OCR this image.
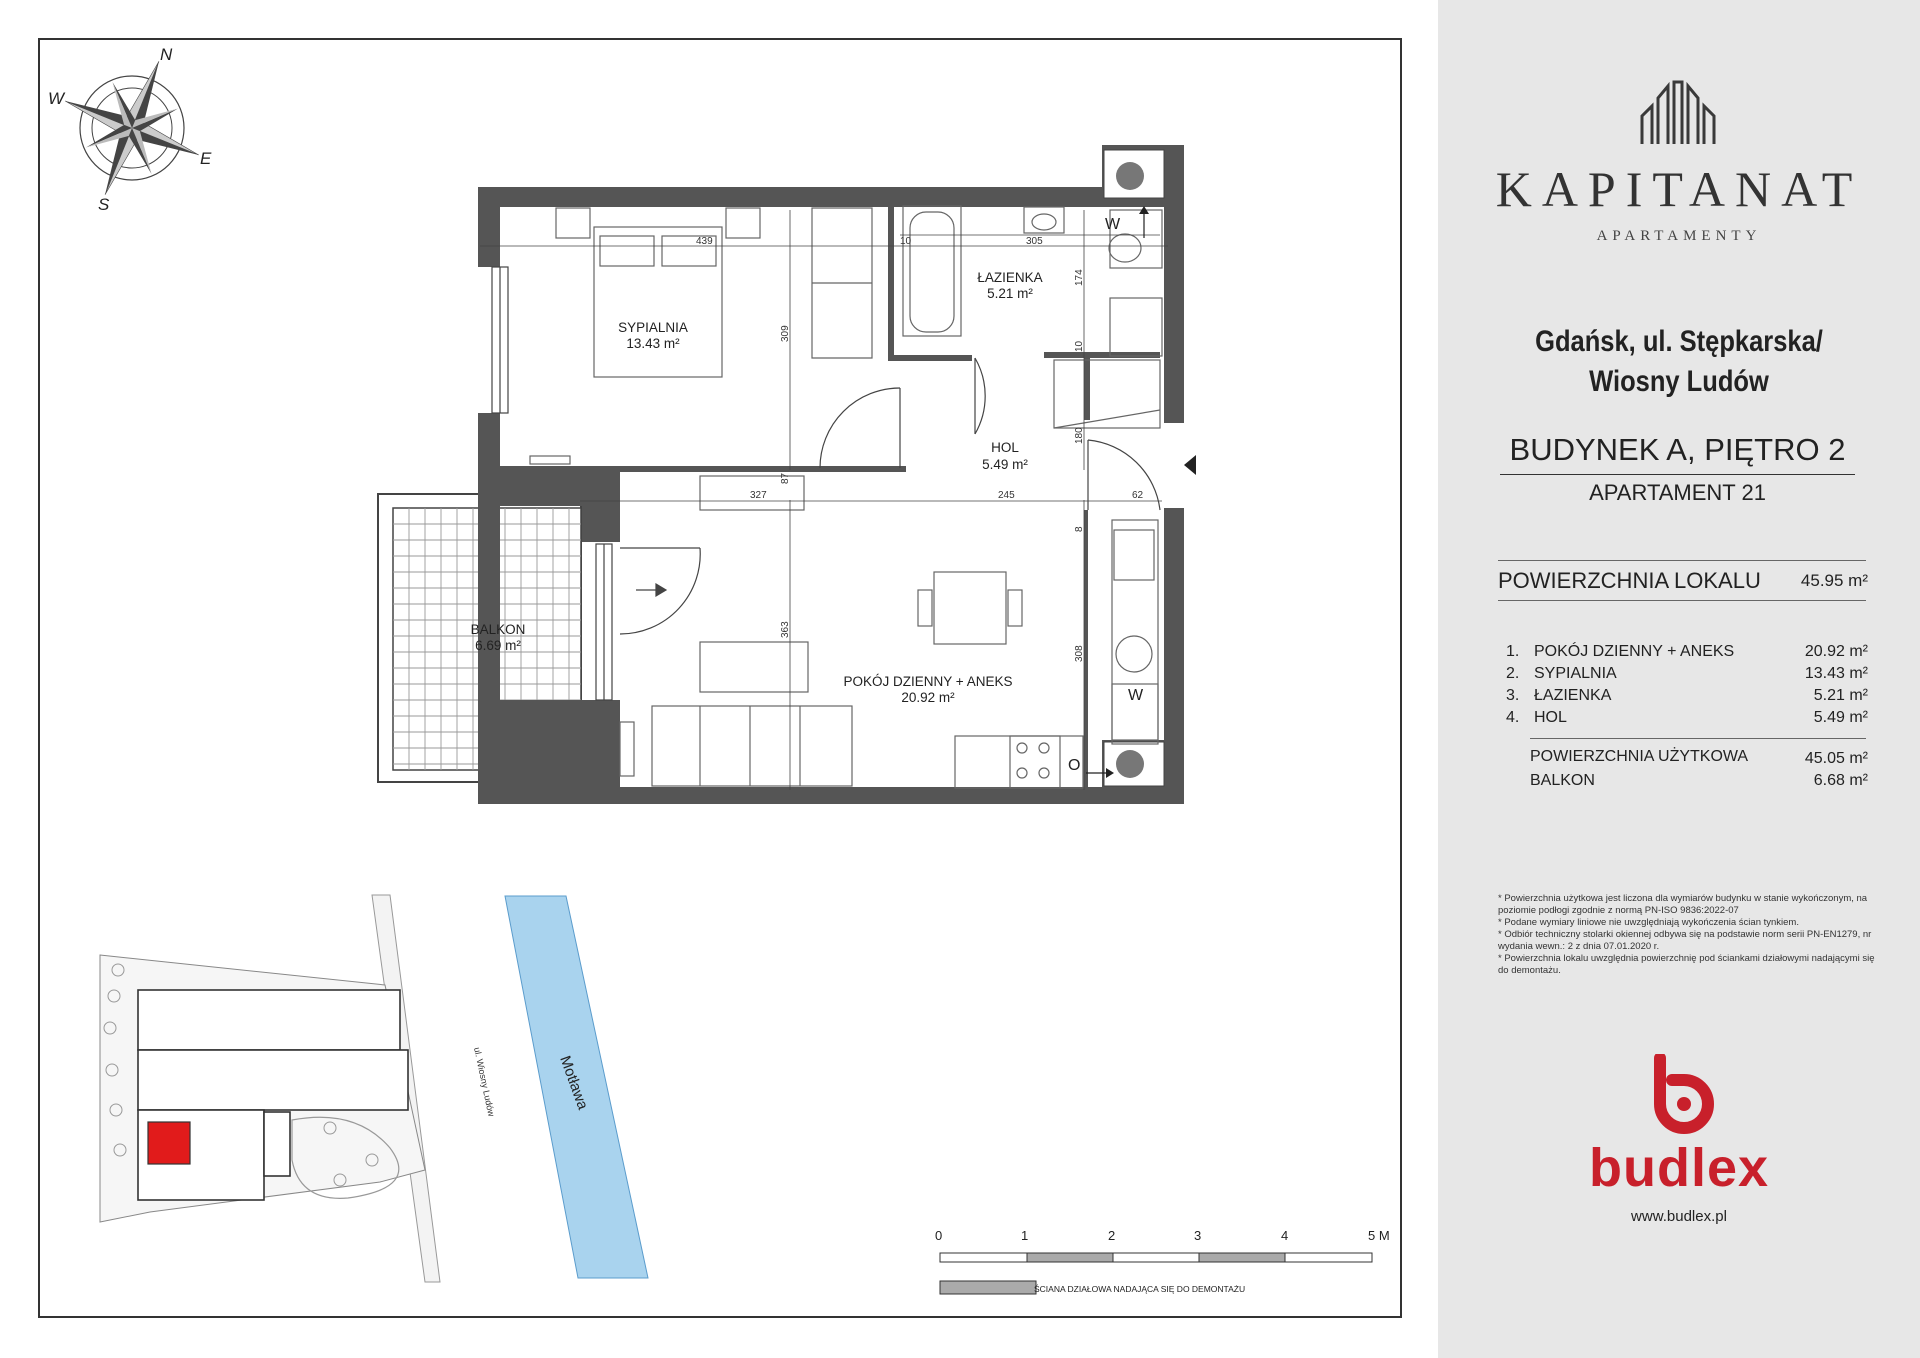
N
E
S
W
439
309
10	305
174
10
180
327	245	62
8
363
308
87
SYPIALNIA
13.43 m²
ŁAZIENKA
5.21 m²
HOL
5.49 m²
POKÓJ DZIENNY + ANEKS
20.92 m²
BALKON
6.69 m²
W
W
O
Motława
ul. Wiosny Ludów
0	1	2	3	4	5 M
ŚCIANA DZIAŁOWA NADAJĄCA SIĘ DO DEMONTAŻU
KAPITANAT
APARTAMENTY
Gdańsk, ul. Stępkarska/ Wiosny Ludów
BUDYNEK A, PIĘTRO 2
APARTAMENT 21
POWIERZCHNIA LOKALU	45.95 m²
1. POKÓJ DZIENNY + ANEKS	20.92 m²
2. SYPIALNIA	13.43 m²
3. ŁAZIENKA	5.21 m²
4. HOL	5.49 m²
POWIERZCHNIA UŻYTKOWA	45.05 m²
BALKON	6.68 m²
* Powierzchnia użytkowa jest liczona dla wymiarów budynku w stanie wykończonym, na poziomie podłogi zgodnie z normą PN-ISO 9836:2022-07
* Podane wymiary liniowe nie uwzględniają wykończenia ścian tynkiem.
* Odbiór techniczny stolarki okiennej odbywa się na podstawie norm serii PN-EN1279, nr wydania wewn.: 2 z dnia 07.01.2020 r.
* Powierzchnia lokalu uwzględnia powierzchnię pod ściankami działowymi nadającymi się do demontażu.
budlex
www.budlex.pl
